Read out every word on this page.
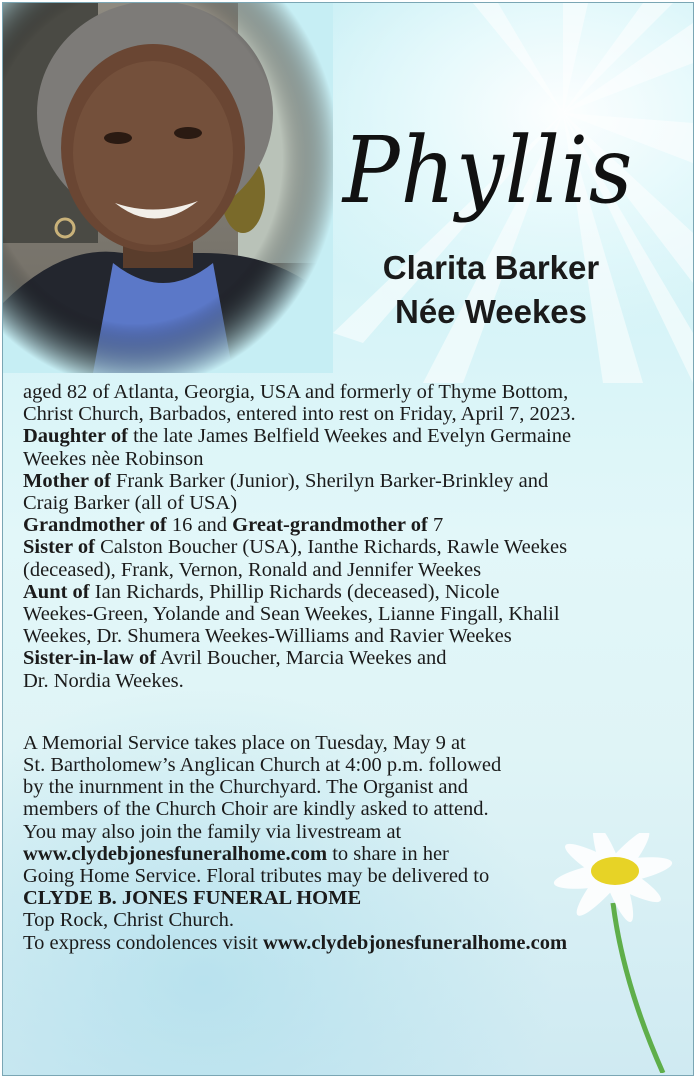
Phyllis
Clarita Barker
Née Weekes

aged 82 of Atlanta, Georgia, USA and formerly of Thyme Bottom,

Christ Church, Barbados, entered into rest on Friday, April 7, 2023.

Daughter of the late James Belfield Weekes and Evelyn Germaine

Weekes nèe Robinson

Mother of Frank Barker (Junior), Sherilyn Barker-Brinkley and

Craig Barker (all of USA)

Grandmother of 16 and Great-grandmother of 7

Sister of Calston Boucher (USA), Ianthe Richards, Rawle Weekes

(deceased), Frank, Vernon, Ronald and Jennifer Weekes

Aunt of Ian Richards, Phillip Richards (deceased), Nicole

Weekes-Green, Yolande and Sean Weekes, Lianne Fingall, Khalil

Weekes, Dr. Shumera Weekes-Williams and Ravier Weekes

Sister-in-law of Avril Boucher, Marcia Weekes and

Dr. Nordia Weekes.

A Memorial Service takes place on Tuesday, May 9 at

St. Bartholomew’s Anglican Church at 4:00 p.m. followed

by the inurnment in the Churchyard. The Organist and

members of the Church Choir are kindly asked to attend.

You may also join the family via livestream at

www.clydebjonesfuneralhome.com to share in her

Going Home Service. Floral tributes may be delivered to

CLYDE B. JONES FUNERAL HOME

Top Rock, Christ Church.

To express condolences visit www.clydebjonesfuneralhome.com
